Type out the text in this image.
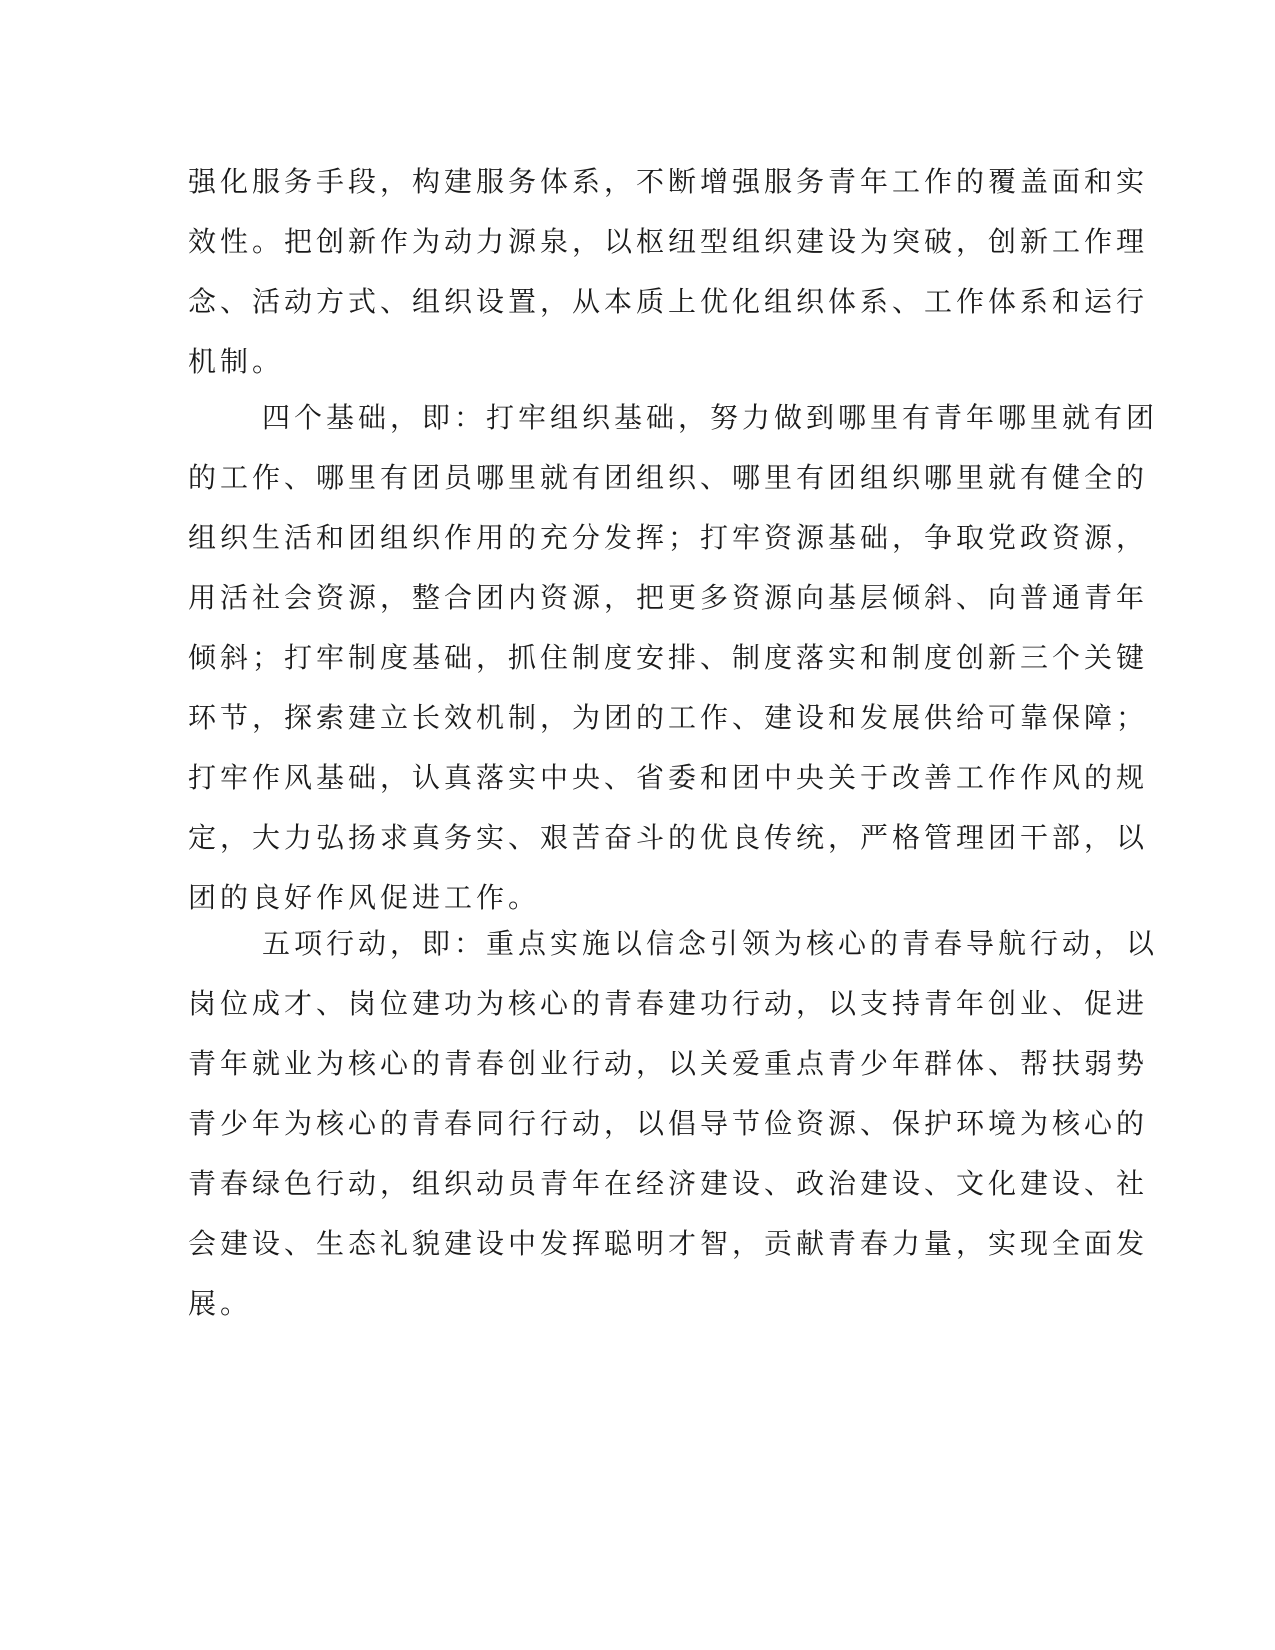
强化服务手段，构建服务体系，不断增强服务青年工作的覆盖面和实
效性。把创新作为动力源泉，以枢纽型组织建设为突破，创新工作理
念、活动方式、组织设置，从本质上优化组织体系、工作体系和运行
机制。
四个基础，即：打牢组织基础，努力做到哪里有青年哪里就有团
的工作、哪里有团员哪里就有团组织、哪里有团组织哪里就有健全的
组织生活和团组织作用的充分发挥；打牢资源基础，争取党政资源，
用活社会资源，整合团内资源，把更多资源向基层倾斜、向普通青年
倾斜；打牢制度基础，抓住制度安排、制度落实和制度创新三个关键
环节，探索建立长效机制，为团的工作、建设和发展供给可靠保障；
打牢作风基础，认真落实中央、省委和团中央关于改善工作作风的规
定，大力弘扬求真务实、艰苦奋斗的优良传统，严格管理团干部，以
团的良好作风促进工作。
五项行动，即：重点实施以信念引领为核心的青春导航行动，以
岗位成才、岗位建功为核心的青春建功行动，以支持青年创业、促进
青年就业为核心的青春创业行动，以关爱重点青少年群体、帮扶弱势
青少年为核心的青春同行行动，以倡导节俭资源、保护环境为核心的
青春绿色行动，组织动员青年在经济建设、政治建设、文化建设、社
会建设、生态礼貌建设中发挥聪明才智，贡献青春力量，实现全面发
展。
